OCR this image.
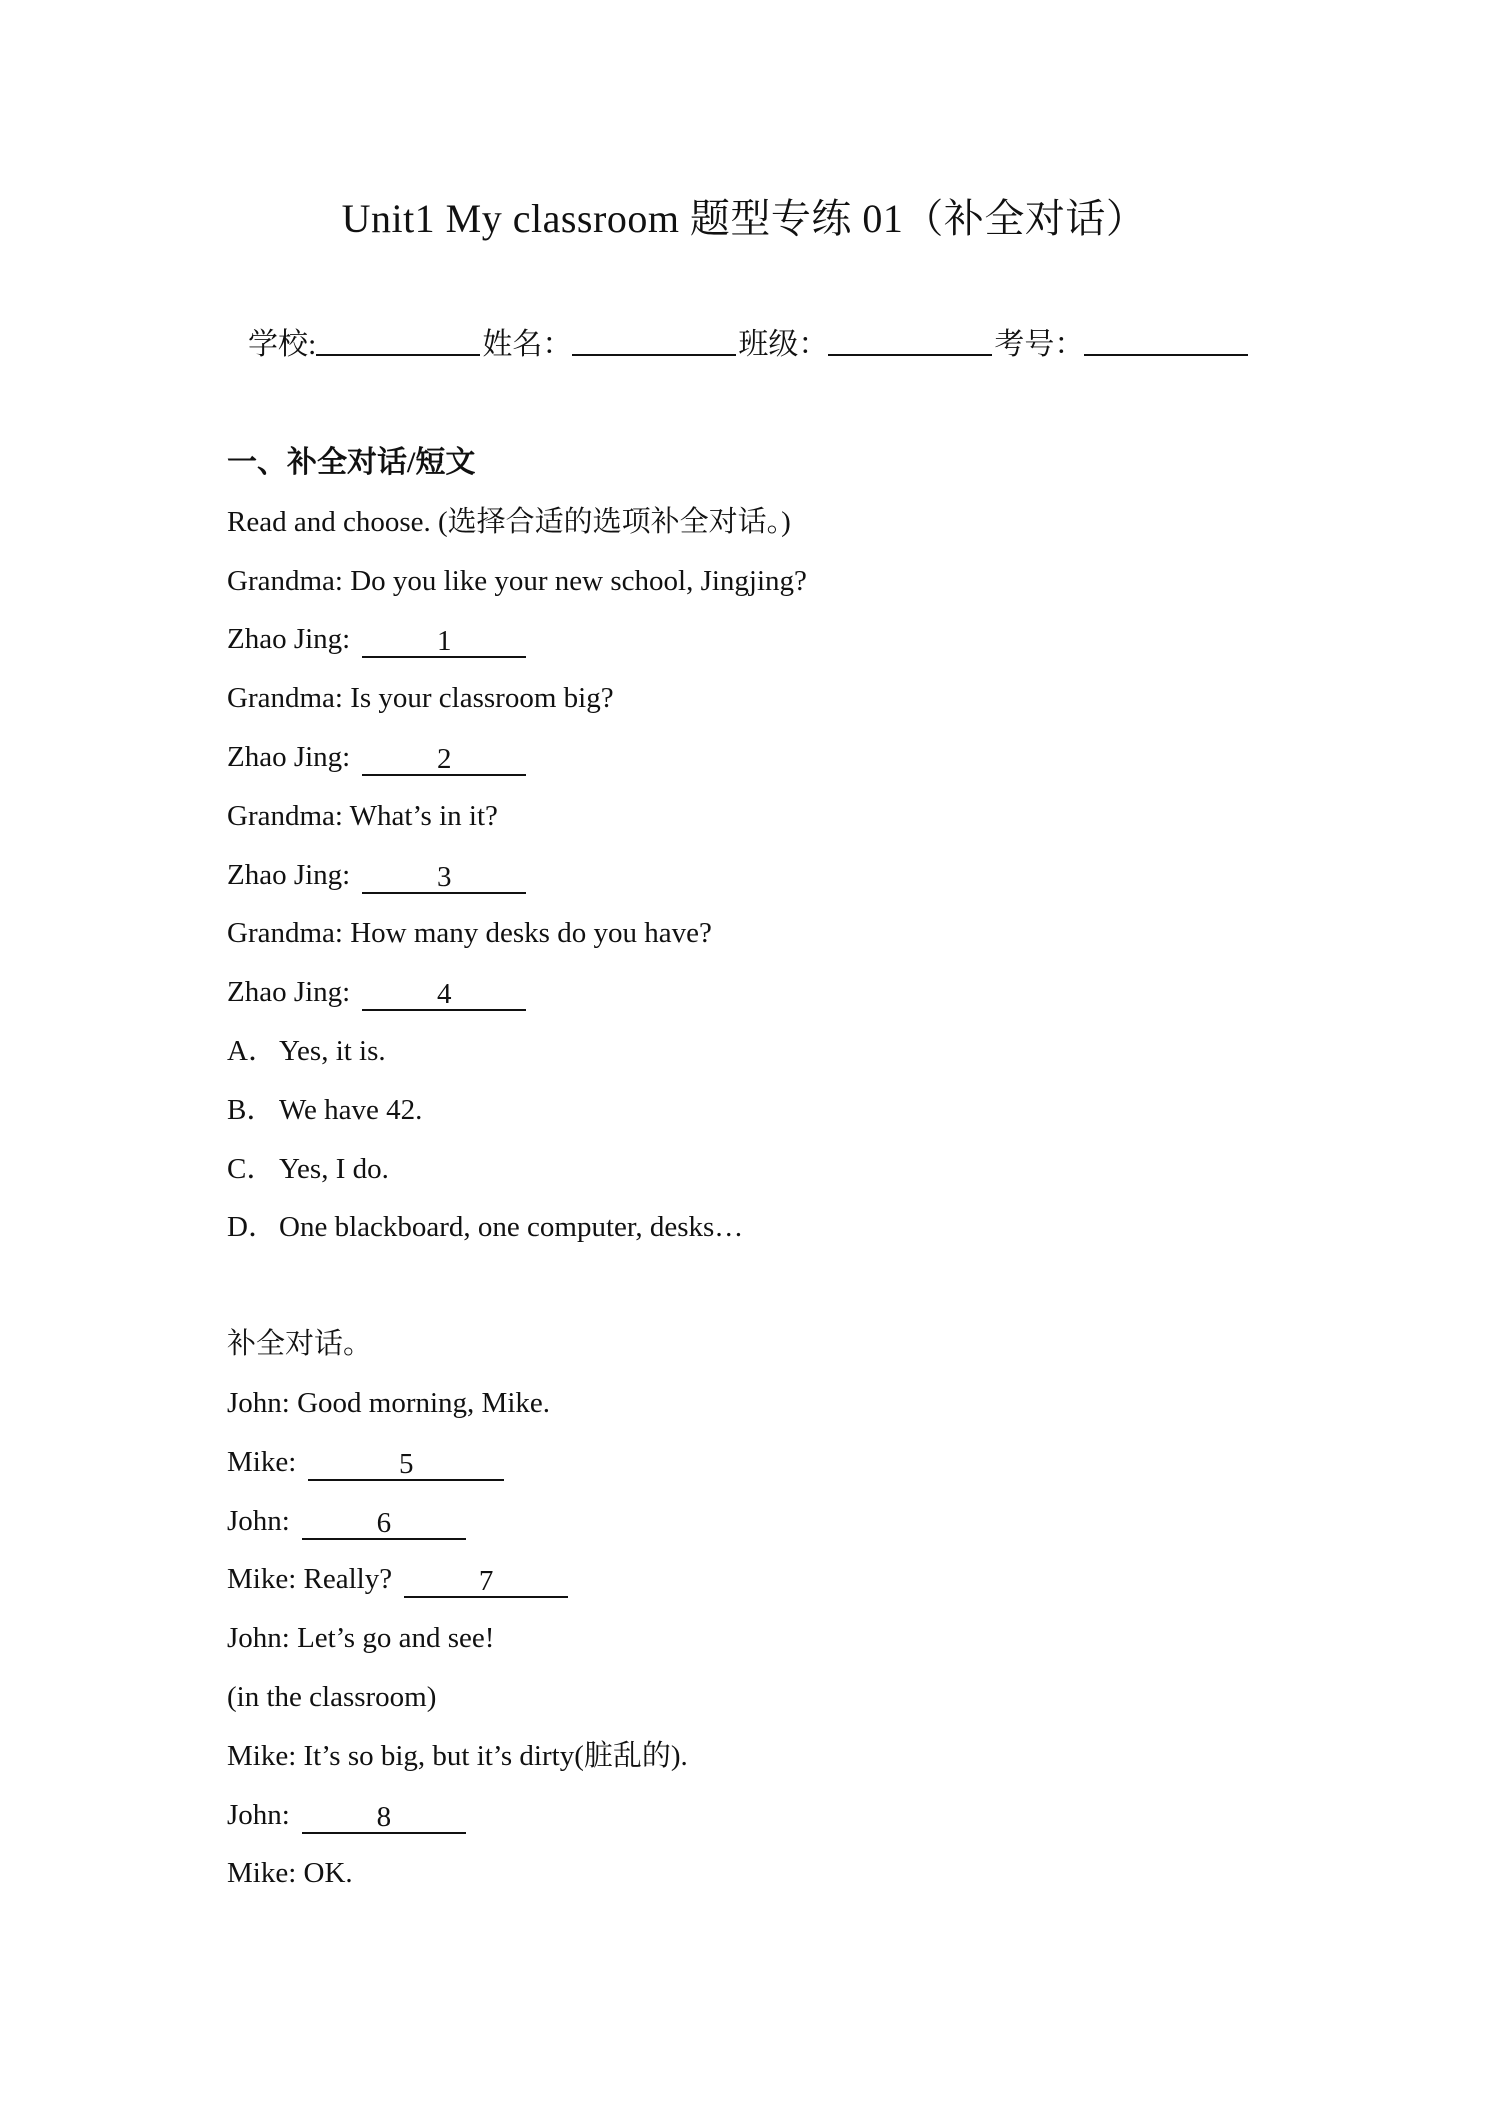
Unit1 My classroom 题型专练 01（补全对话）
学校:	姓名：	班级：	考号：
一、补全对话/短文
Read and choose. (选择合适的选项补全对话。)
Grandma: Do you like your new school, Jingjing?
Zhao Jing:	1
Grandma: Is your classroom big?
Zhao Jing:	2
Grandma: What’s in it?
Zhao Jing:	3
Grandma: How many desks do you have?
Zhao Jing:	4
A．Yes, it is.
B． We have 42.
C． Yes, I do.
D．One blackboard, one computer, desks…
补全对话。
John: Good morning, Mike.
Mike:	5
John:	6
Mike: Really?	7
John: Let’s go and see!
(in the classroom)
Mike: It’s so big, but it’s dirty(脏乱的).
John:	8
Mike: OK.
